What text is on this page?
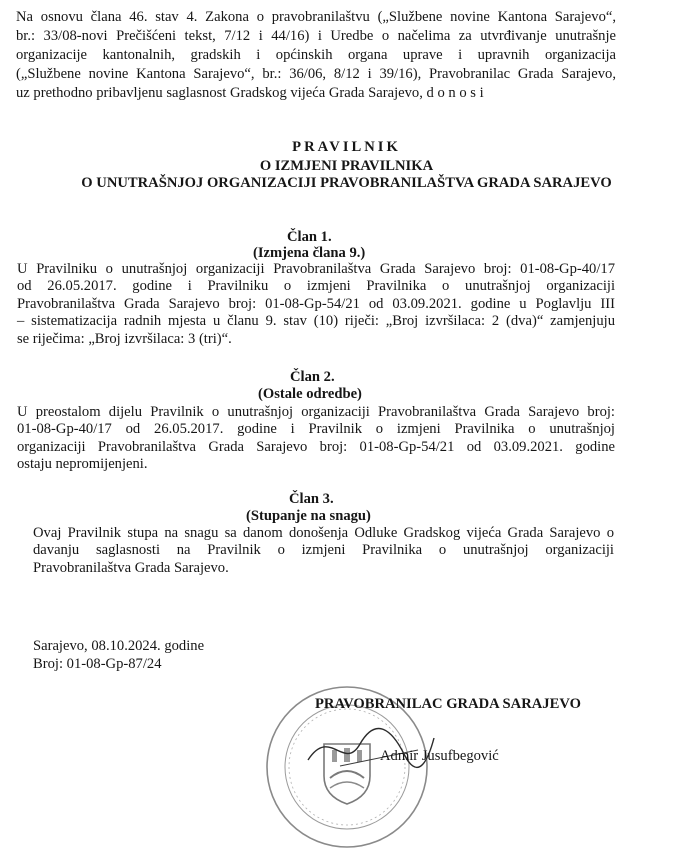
Na osnovu člana 46. stav 4. Zakona o pravobranilaštvu („Službene novine Kantona Sarajevo“,
br.: 33/08-novi Prečišćeni tekst, 7/12 i 44/16) i Uredbe o načelima za utvrđivanje unutrašnje
organizacije kantonalnih, gradskih i općinskih organa uprave i upravnih organizacija
(„Službene novine Kantona Sarajevo“, br.: 36/06, 8/12 i 39/16), Pravobranilac Grada Sarajevo,
uz prethodno pribavljenu saglasnost Gradskog vijeća Grada Sarajevo, d o n o s i
PRAVILNIK
O IZMJENI PRAVILNIKA
O UNUTRAŠNJOJ ORGANIZACIJI PRAVOBRANILAŠTVA GRADA SARAJEVO
Član 1.
(Izmjena člana 9.)
U Pravilniku o unutrašnjoj organizaciji Pravobranilaštva Grada Sarajevo broj: 01-08-Gp-40/17
od 26.05.2017. godine i Pravilniku o izmjeni Pravilnika o unutrašnjoj organizaciji
Pravobranilaštva Grada Sarajevo broj: 01-08-Gp-54/21 od 03.09.2021. godine u Poglavlju III
– sistematizacija radnih mjesta u članu 9. stav (10) riječi: „Broj izvršilaca: 2 (dva)“ zamjenjuju
se riječima: „Broj izvršilaca: 3 (tri)“.
Član 2.
(Ostale odredbe)
U preostalom dijelu Pravilnik o unutrašnjoj organizaciji Pravobranilaštva Grada Sarajevo broj:
01-08-Gp-40/17 od 26.05.2017. godine i Pravilnik o izmjeni Pravilnika o unutrašnjoj
organizaciji Pravobranilaštva Grada Sarajevo broj: 01-08-Gp-54/21 od 03.09.2021. godine
ostaju nepromijenjeni.
Član 3.
(Stupanje na snagu)
Ovaj Pravilnik stupa na snagu sa danom donošenja Odluke Gradskog vijeća Grada Sarajevo o
davanju saglasnosti na Pravilnik o izmjeni Pravilnika o unutrašnjoj organizaciji
Pravobranilaštva Grada Sarajevo.
Sarajevo, 08.10.2024. godine
Broj: 01-08-Gp-87/24
PRAVOBRANILAC GRADA SARAJEVO
Admir Jusufbegović
